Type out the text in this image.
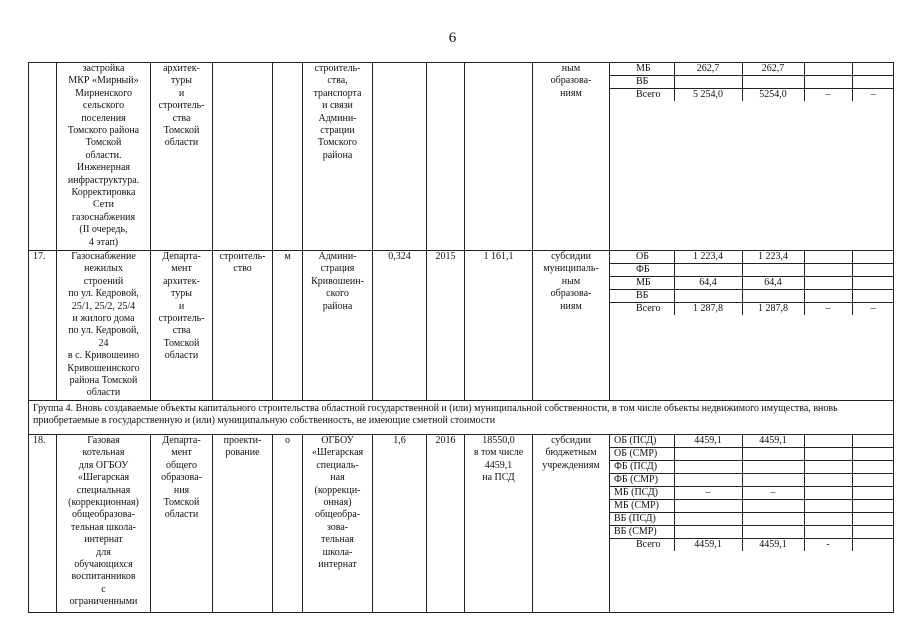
6
	застройка
МКР «Мирный»
Мирненского
сельского
поселения
Томского района
Томской
области.
Инженерная
инфраструктура.
Корректировка
Сети
газоснабжения
(II очередь,
4 этап)	архитек-
туры
и
строитель-
ства
Томской
области			строитель-
ства,
транспорта
и связи
Админи-
страции
Томского
района				ным
образова-
ниям	
МБ	262,7	262,7		
ВБ				
Всего	5 254,0	5254,0	–	–

17.	Газоснабжение
нежилых
строений
по ул. Кедровой,
25/1, 25/2, 25/4
и жилого дома
по ул. Кедровой,
24
в с. Кривошеино
Кривошеинского
района Томской
области	Департа-
мент
архитек-
туры
и
строитель-
ства
Томской
области	строитель-
ство	м	Админи-
страция
Кривошеин-
ского
района	0,324	2015	1 161,1	субсидии
муниципаль-
ным
образова-
ниям	
ОБ	1 223,4	1 223,4		
ФБ				
МБ	64,4	64,4		
ВБ				
Всего	1 287,8	1 287,8	–	–

Группа 4. Вновь создаваемые объекты капитального строительства областной государственной и (или) муниципальной собственности, в том числе объекты недвижимого имущества, вновь приобретаемые в государственную и (или) муниципальную собственность, не имеющие сметной стоимости
18.	Газовая
котельная
для ОГБОУ
«Шегарская
специальная
(коррекционная)
общеобразова-
тельная школа-
интернат
для
обучающихся
воспитанников
с
ограниченными	Департа-
мент
общего
образова-
ния
Томской
области	проекти-
рование	о	ОГБОУ
«Шегарская
специаль-
ная
(коррекци-
онная)
общеобра-
зова-
тельная
школа-
интернат	1,6	2016	18550,0
в том числе
4459,1
на ПСД	субсидии
бюджетным
учреждениям	
ОБ (ПСД)	4459,1	4459,1		
ОБ (СМР)				
ФБ (ПСД)				
ФБ (СМР)				
МБ (ПСД)	–	–		
МБ (СМР)				
ВБ (ПСД)				
ВБ (СМР)				
Всего	4459,1	4459,1	-	
